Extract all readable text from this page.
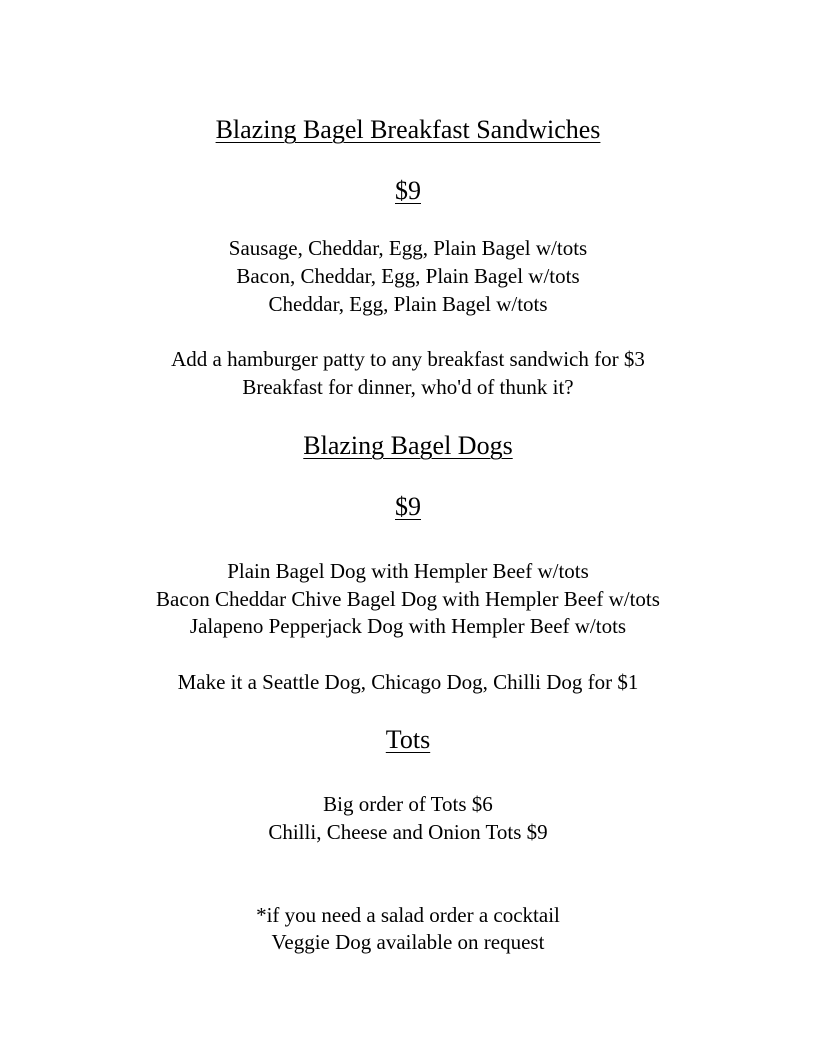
Blazing Bagel Breakfast Sandwiches
$9
Sausage, Cheddar, Egg, Plain Bagel w/tots
Bacon, Cheddar, Egg, Plain Bagel w/tots
Cheddar, Egg, Plain Bagel w/tots
Add a hamburger patty to any breakfast sandwich for $3
Breakfast for dinner, who'd of thunk it?
Blazing Bagel Dogs
$9
Plain Bagel Dog with Hempler Beef w/tots
Bacon Cheddar Chive Bagel Dog with Hempler Beef w/tots
Jalapeno Pepperjack Dog with Hempler Beef w/tots
Make it a Seattle Dog, Chicago Dog, Chilli Dog for $1
Tots
Big order of Tots $6
Chilli, Cheese and Onion Tots $9
*if you need a salad order a cocktail
Veggie Dog available on request
